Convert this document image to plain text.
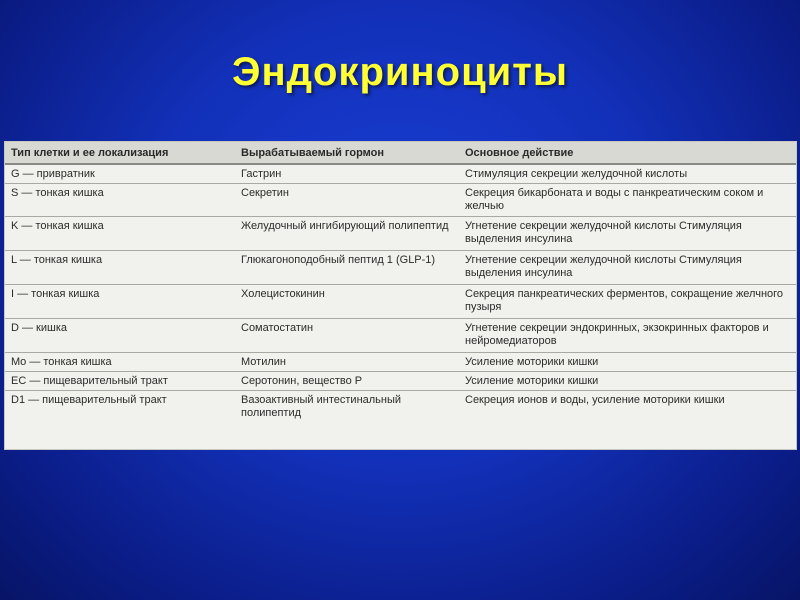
Эндокриноциты
Тип клетки и ее локализация	Вырабатываемый гормон	Основное действие
G — привратник	Гастрин	Стимуляция секреции желудочной кислоты
S — тонкая кишка	Секретин	Секреция бикарбоната и воды с панкреатическим соком и желчью
K — тонкая кишка	Желудочный ингибирующий полипептид	Угнетение секреции желудочной кислоты Стимуляция выделения инсулина
L — тонкая кишка	Глюкагоноподобный пептид 1 (GLP-1)	Угнетение секреции желудочной кислоты Стимуляция выделения инсулина
I — тонкая кишка	Холецистокинин	Секреция панкреатических ферментов, сокращение желчного пузыря
D — кишка	Соматостатин	Угнетение секреции эндокринных, экзокринных факторов и нейромедиаторов
Mo — тонкая кишка	Мотилин	Усиление моторики кишки
EC — пищеварительный тракт	Серотонин, вещество P	Усиление моторики кишки
D1 — пищеварительный тракт	Вазоактивный интестинальный полипептид	Секреция ионов и воды, усиление моторики кишки
